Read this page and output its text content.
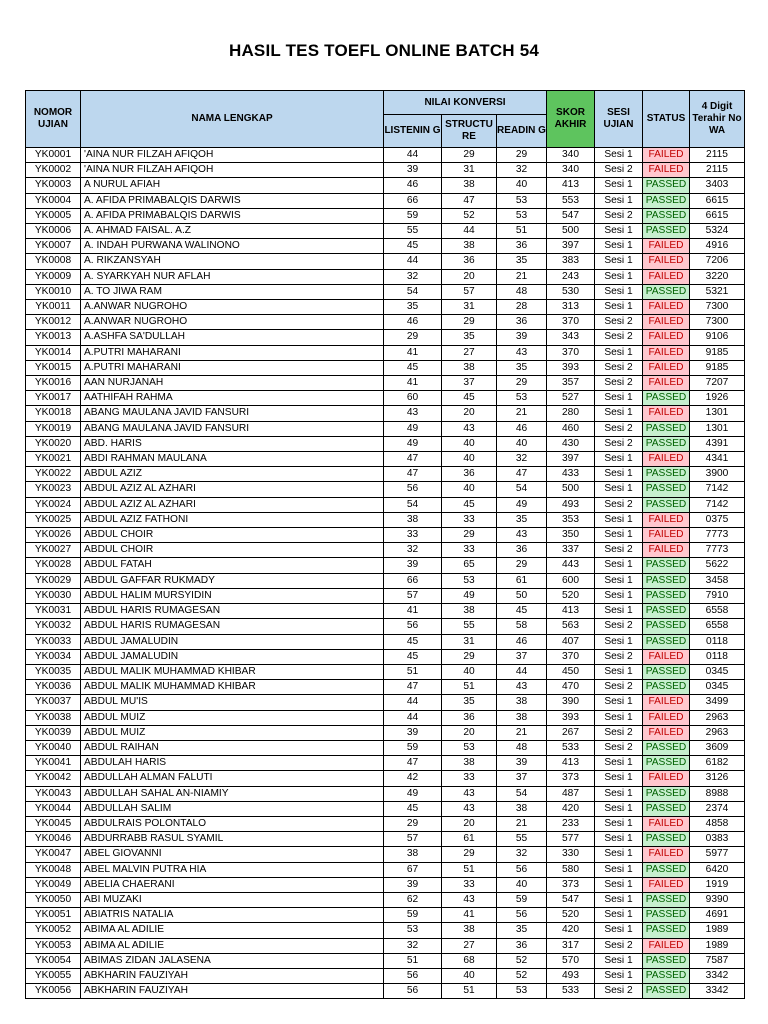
HASIL TES TOEFL ONLINE BATCH 54
NOMOR UJIAN	NAMA LENGKAP	NILAI KONVERSI			SKOR AKHIR	SESI UJIAN	STATUS	4 Digit Terahir No WA
		LISTENIN G	STRUCTU RE	READIN G				
YK0001	'AINA NUR FILZAH AFIQOH	44	29	29	340	Sesi 1	FAILED	2115
YK0002	'AINA NUR FILZAH AFIQOH	39	31	32	340	Sesi 2	FAILED	2115
YK0003	A NURUL AFIAH	46	38	40	413	Sesi 1	PASSED	3403
YK0004	A. AFIDA PRIMABALQIS DARWIS	66	47	53	553	Sesi 1	PASSED	6615
YK0005	A. AFIDA PRIMABALQIS DARWIS	59	52	53	547	Sesi 2	PASSED	6615
YK0006	A. AHMAD FAISAL. A.Z	55	44	51	500	Sesi 1	PASSED	5324
YK0007	A. INDAH PURWANA WALINONO	45	38	36	397	Sesi 1	FAILED	4916
YK0008	A. RIKZANSYAH	44	36	35	383	Sesi 1	FAILED	7206
YK0009	A. SYARKYAH NUR AFLAH	32	20	21	243	Sesi 1	FAILED	3220
YK0010	A. TO JIWA RAM	54	57	48	530	Sesi 1	PASSED	5321
YK0011	A.ANWAR NUGROHO	35	31	28	313	Sesi 1	FAILED	7300
YK0012	A.ANWAR NUGROHO	46	29	36	370	Sesi 2	FAILED	7300
YK0013	A.ASHFA SA'DULLAH	29	35	39	343	Sesi 2	FAILED	9106
YK0014	A.PUTRI MAHARANI	41	27	43	370	Sesi 1	FAILED	9185
YK0015	A.PUTRI MAHARANI	45	38	35	393	Sesi 2	FAILED	9185
YK0016	AAN NURJANAH	41	37	29	357	Sesi 2	FAILED	7207
YK0017	AATHIFAH RAHMA	60	45	53	527	Sesi 1	PASSED	1926
YK0018	ABANG MAULANA JAVID FANSURI	43	20	21	280	Sesi 1	FAILED	1301
YK0019	ABANG MAULANA JAVID FANSURI	49	43	46	460	Sesi 2	PASSED	1301
YK0020	ABD. HARIS	49	40	40	430	Sesi 2	PASSED	4391
YK0021	ABDI RAHMAN MAULANA	47	40	32	397	Sesi 1	FAILED	4341
YK0022	ABDUL AZIZ	47	36	47	433	Sesi 1	PASSED	3900
YK0023	ABDUL AZIZ AL AZHARI	56	40	54	500	Sesi 1	PASSED	7142
YK0024	ABDUL AZIZ AL AZHARI	54	45	49	493	Sesi 2	PASSED	7142
YK0025	ABDUL AZIZ FATHONI	38	33	35	353	Sesi 1	FAILED	0375
YK0026	ABDUL CHOIR	33	29	43	350	Sesi 1	FAILED	7773
YK0027	ABDUL CHOIR	32	33	36	337	Sesi 2	FAILED	7773
YK0028	ABDUL FATAH	39	65	29	443	Sesi 1	PASSED	5622
YK0029	ABDUL GAFFAR RUKMADY	66	53	61	600	Sesi 1	PASSED	3458
YK0030	ABDUL HALIM MURSYIDIN	57	49	50	520	Sesi 1	PASSED	7910
YK0031	ABDUL HARIS RUMAGESAN	41	38	45	413	Sesi 1	PASSED	6558
YK0032	ABDUL HARIS RUMAGESAN	56	55	58	563	Sesi 2	PASSED	6558
YK0033	ABDUL JAMALUDIN	45	31	46	407	Sesi 1	PASSED	0118
YK0034	ABDUL JAMALUDIN	45	29	37	370	Sesi 2	FAILED	0118
YK0035	ABDUL MALIK MUHAMMAD KHIBAR	51	40	44	450	Sesi 1	PASSED	0345
YK0036	ABDUL MALIK MUHAMMAD KHIBAR	47	51	43	470	Sesi 2	PASSED	0345
YK0037	ABDUL MU'IS	44	35	38	390	Sesi 1	FAILED	3499
YK0038	ABDUL MUIZ	44	36	38	393	Sesi 1	FAILED	2963
YK0039	ABDUL MUIZ	39	20	21	267	Sesi 2	FAILED	2963
YK0040	ABDUL RAIHAN	59	53	48	533	Sesi 2	PASSED	3609
YK0041	ABDULAH HARIS	47	38	39	413	Sesi 1	PASSED	6182
YK0042	ABDULLAH ALMAN FALUTI	42	33	37	373	Sesi 1	FAILED	3126
YK0043	ABDULLAH SAHAL AN-NIAMIY	49	43	54	487	Sesi 1	PASSED	8988
YK0044	ABDULLAH SALIM	45	43	38	420	Sesi 1	PASSED	2374
YK0045	ABDULRAIS POLONTALO	29	20	21	233	Sesi 1	FAILED	4858
YK0046	ABDURRABB RASUL SYAMIL	57	61	55	577	Sesi 1	PASSED	0383
YK0047	ABEL GIOVANNI	38	29	32	330	Sesi 1	FAILED	5977
YK0048	ABEL MALVIN PUTRA HIA	67	51	56	580	Sesi 1	PASSED	6420
YK0049	ABELIA CHAERANI	39	33	40	373	Sesi 1	FAILED	1919
YK0050	ABI MUZAKI	62	43	59	547	Sesi 1	PASSED	9390
YK0051	ABIATRIS NATALIA	59	41	56	520	Sesi 1	PASSED	4691
YK0052	ABIMA AL ADILIE	53	38	35	420	Sesi 1	PASSED	1989
YK0053	ABIMA AL ADILIE	32	27	36	317	Sesi 2	FAILED	1989
YK0054	ABIMAS ZIDAN JALASENA	51	68	52	570	Sesi 1	PASSED	7587
YK0055	ABKHARIN FAUZIYAH	56	40	52	493	Sesi 1	PASSED	3342
YK0056	ABKHARIN FAUZIYAH	56	51	53	533	Sesi 2	PASSED	3342
